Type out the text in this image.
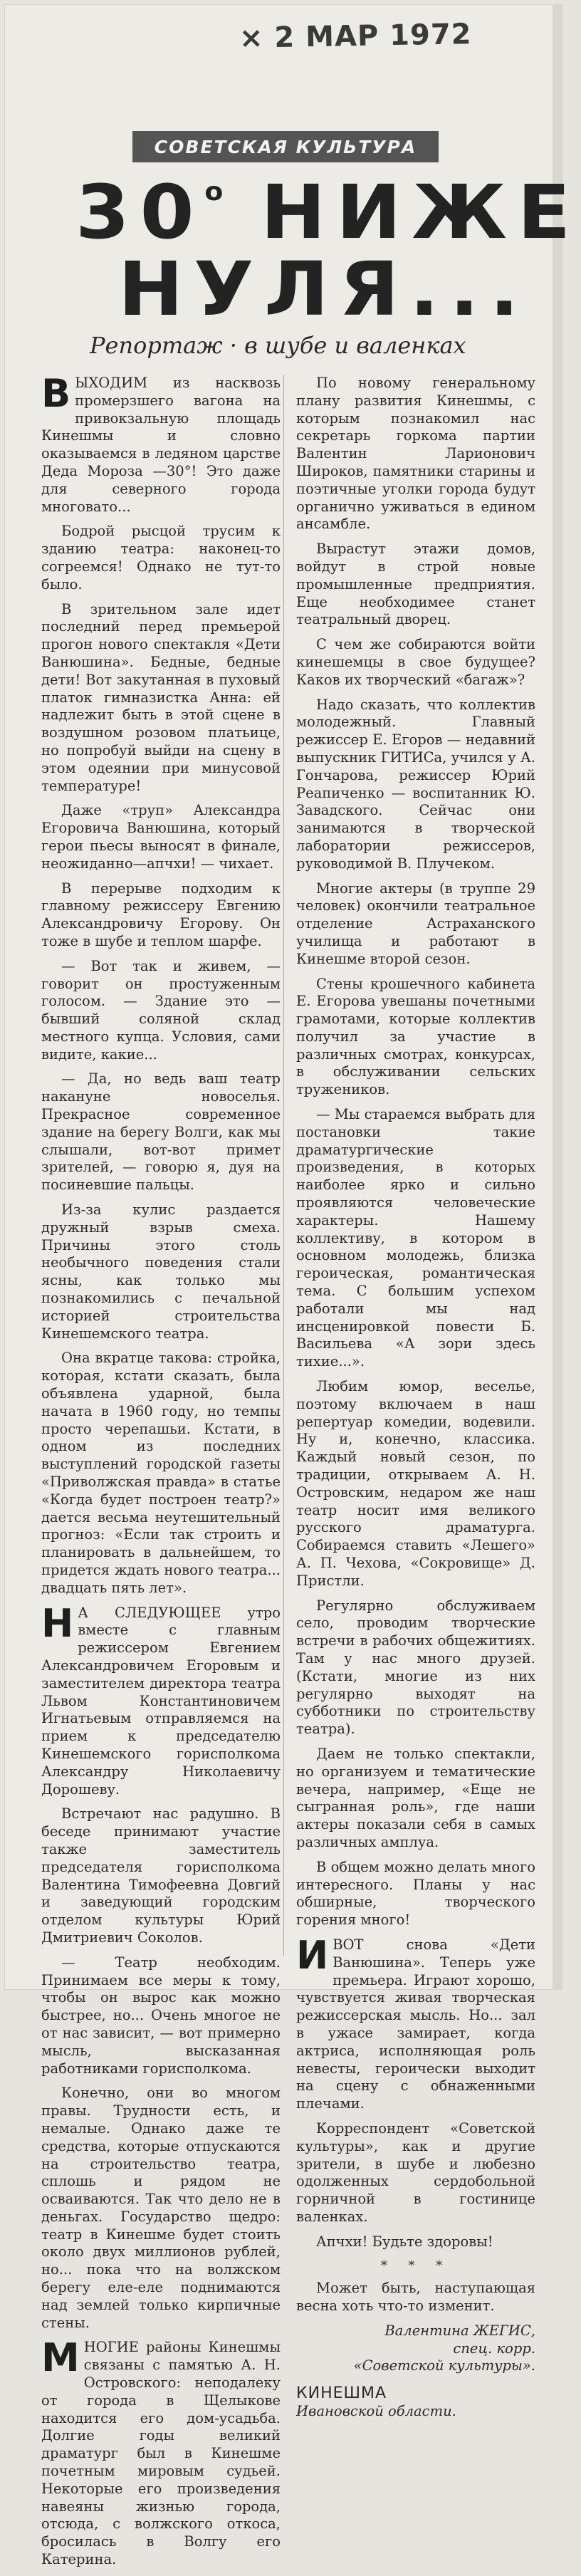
× 2 МАР 1972
СОВЕТСКАЯ КУЛЬТУРА
$30^о$ НИЖЕ
НУЛЯ...
Репортаж · в шубе и валенках

ВЫХОДИМ из насквозь промерзшего вагона на привокзальную площадь Кинешмы и словно оказываемся в ледяном царстве Деда Мороза —30°! Это даже для северного города многовато...

Бодрой рысцой трусим к зданию театра: наконец-то согреемся! Однако не тут-то было.

В зрительном зале идет последний перед премьерой прогон нового спектакля «Дети Ванюшина». Бедные, бедные дети! Вот закутанная в пуховый платок гимназистка Анна: ей надлежит быть в этой сцене в воздушном розовом платьице, но попробуй выйди на сцену в этом одеянии при минусовой температуре!

Даже «труп» Александра Егоровича Ванюшина, который герои пьесы выносят в финале, неожиданно—апчхи! — чихает.

В перерыве подходим к главному режиссеру Евгению Александровичу Егорову. Он тоже в шубе и теплом шарфе.

— Вот так и живем, — говорит он простуженным голосом. — Здание это — бывший соляной склад местного купца. Условия, сами видите, какие...

— Да, но ведь ваш театр накануне новоселья. Прекрасное современное здание на берегу Волги, как мы слышали, вот-вот примет зрителей, — говорю я, дуя на посиневшие пальцы.

Из-за кулис раздается дружный взрыв смеха. Причины этого столь необычного поведения стали ясны, как только мы познакомились с печальной историей строительства Кинешемского театра.

Она вкратце такова: стройка, которая, кстати сказать, была объявлена ударной, была начата в 1960 году, но темпы просто черепашьи. Кстати, в одном из последних выступлений городской газеты «Приволжская правда» в статье «Когда будет построен театр?» дается весьма неутешительный прогноз: «Если так строить и планировать в дальнейшем, то придется ждать нового театра... двадцать пять лет».

Н А СЛЕДУЮЩЕЕ утро вместе с главным режиссером Евгением Александровичем Егоровым и заместителем директора театра Львом Константиновичем Игнатьевым отправляемся на прием к председателю Кинешемского горисполкома Александру Николаевичу Дорошеву.

Встречают нас радушно. В беседе принимают участие также заместитель председателя горисполкома Валентина Тимофеевна Довгий и заведующий городским отделом культуры Юрий Дмитриевич Соколов.

— Театр необходим. Принимаем все меры к тому, чтобы он вырос как можно быстрее, но... Очень многое не от нас зависит, — вот примерно мысль, высказанная работниками горисполкома.

Конечно, они во многом правы. Трудности есть, и немалые. Однако даже те средства, которые отпускаются на строительство театра, сплошь и рядом не осваиваются. Так что дело не в деньгах. Государство щедро: театр в Кинешме будет стоить около двух миллионов рублей, но... пока что на волжском берегу еле-еле поднимаются над землей только кирпичные стены.

МНОГИЕ районы Кинешмы связаны с памятью А. Н. Островского: неподалеку от города в Щелыкове находится его дом-усадьба. Долгие годы великий драматург был в Кинешме почетным мировым судьей. Некоторые его произведения навеяны жизнью города, отсюда, с волжского откоса, бросилась в Волгу его Катерина.

По новому генеральному плану развития Кинешмы, с которым познакомил нас секретарь горкома партии Валентин Ларионович Широков, памятники старины и поэтичные уголки города будут органично уживаться в едином ансамбле.

Вырастут этажи домов, войдут в строй новые промышленные предприятия. Еще необходимее станет театральный дворец.

С чем же собираются войти кинешемцы в свое будущее? Каков их творческий «багаж»?

Надо сказать, что коллектив молодежный. Главный режиссер Е. Егоров — недавний выпускник ГИТИСа, учился у А. Гончарова, режиссер Юрий Реапиченко — воспитанник Ю. Завадского. Сейчас они занимаются в творческой лаборатории режиссеров, руководимой В. Плучеком.

Многие актеры (в труппе 29 человек) окончили театральное отделение Астраханского училища и работают в Кинешме второй сезон.

Стены крошечного кабинета Е. Егорова увешаны почетными грамотами, которые коллектив получил за участие в различных смотрах, конкурсах, в обслуживании сельских тружеников.

— Мы стараемся выбрать для постановки такие драматургические произведения, в которых наиболее ярко и сильно проявляются человеческие характеры. Нашему коллективу, в котором в основном молодежь, близка героическая, романтическая тема. С большим успехом работали мы над инсценировкой повести Б. Васильева «А зори здесь тихие...».

Любим юмор, веселье, поэтому включаем в наш репертуар комедии, водевили. Ну и, конечно, классика. Каждый новый сезон, по традиции, открываем А. Н. Островским, недаром же наш театр носит имя великого русского драматурга. Собираемся ставить «Лешего» А. П. Чехова, «Сокровище» Д. Пристли.

Регулярно обслуживаем село, проводим творческие встречи в рабочих общежитиях. Там у нас много друзей. (Кстати, многие из них регулярно выходят на субботники по строительству театра).

Даем не только спектакли, но организуем и тематические вечера, например, «Еще не сыгранная роль», где наши актеры показали себя в самых различных амплуа.

В общем можно делать много интересного. Планы у нас обширные, творческого горения много!

ИВОТ снова «Дети Ванюшина». Теперь уже премьера. Играют хорошо, чувствуется живая творческая режиссерская мысль. Но... зал в ужасе замирает, когда актриса, исполняющая роль невесты, героически выходит на сцену с обнаженными плечами.

Корреспондент «Советской культуры», как и другие зрители, в шубе и любезно одолженных сердобольной горничной в гостинице валенках.

Апчхи! Будьте здоровы!

* * *

Может быть, наступающая весна хоть что-то изменит.

Валентина ЖЕГИС,
спец. корр.
«Советской культуры».
КИНЕШМА
Ивановской области.
